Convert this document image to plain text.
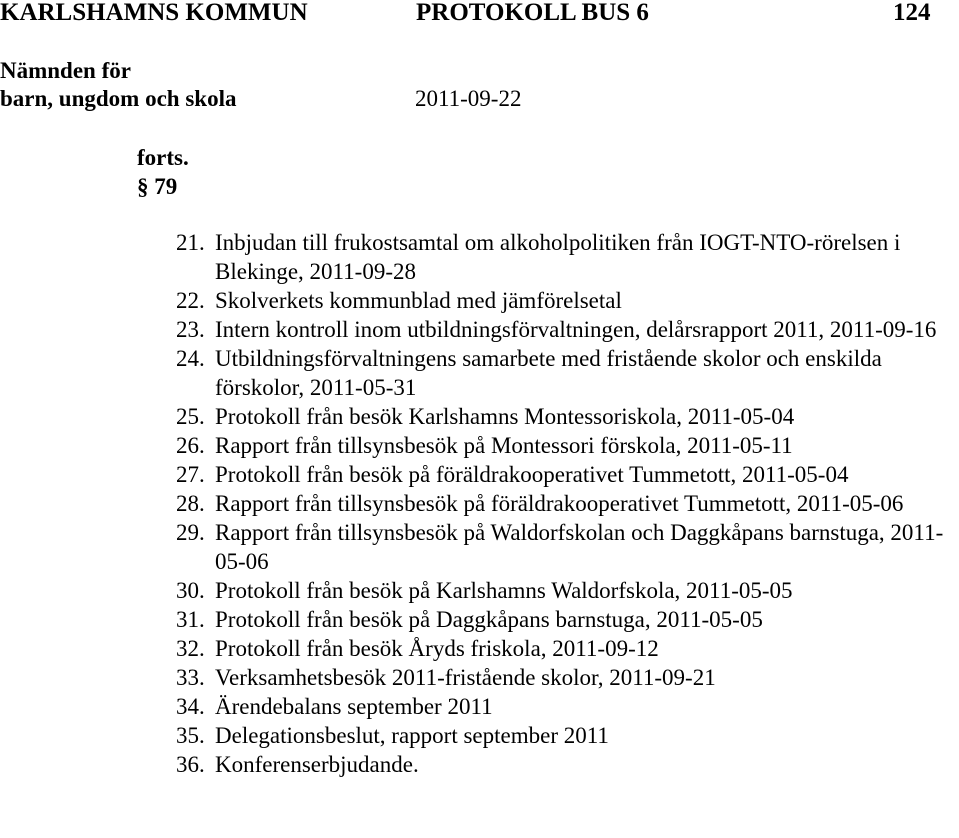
KARLSHAMNS KOMMUN	PROTOKOLL BUS 6	124
Nämnden för
barn, ungdom och skola	2011-09-22
forts.
§ 79
21. Inbjudan till frukostsamtal om alkoholpolitiken från IOGT-NTO-rörelsen i Blekinge, 2011-09-28
22. Skolverkets kommunblad med jämförelsetal
23. Intern kontroll inom utbildningsförvaltningen, delårsrapport 2011, 2011-09-16
24. Utbildningsförvaltningens samarbete med fristående skolor och enskilda förskolor, 2011-05-31
25. Protokoll från besök Karlshamns Montessoriskola, 2011-05-04
26. Rapport från tillsynsbesök på Montessori förskola, 2011-05-11
27. Protokoll från besök på föräldrakooperativet Tummetott, 2011-05-04
28. Rapport från tillsynsbesök på föräldrakooperativet Tummetott, 2011-05-06
29. Rapport från tillsynsbesök på Waldorfskolan och Daggkåpans barnstuga, 2011-05-06
30. Protokoll från besök på Karlshamns Waldorfskola, 2011-05-05
31. Protokoll från besök på Daggkåpans barnstuga, 2011-05-05
32. Protokoll från besök Åryds friskola, 2011-09-12
33. Verksamhetsbesök 2011-fristående skolor, 2011-09-21
34. Ärendebalans september 2011
35. Delegationsbeslut, rapport september 2011
36. Konferenserbjudande.
